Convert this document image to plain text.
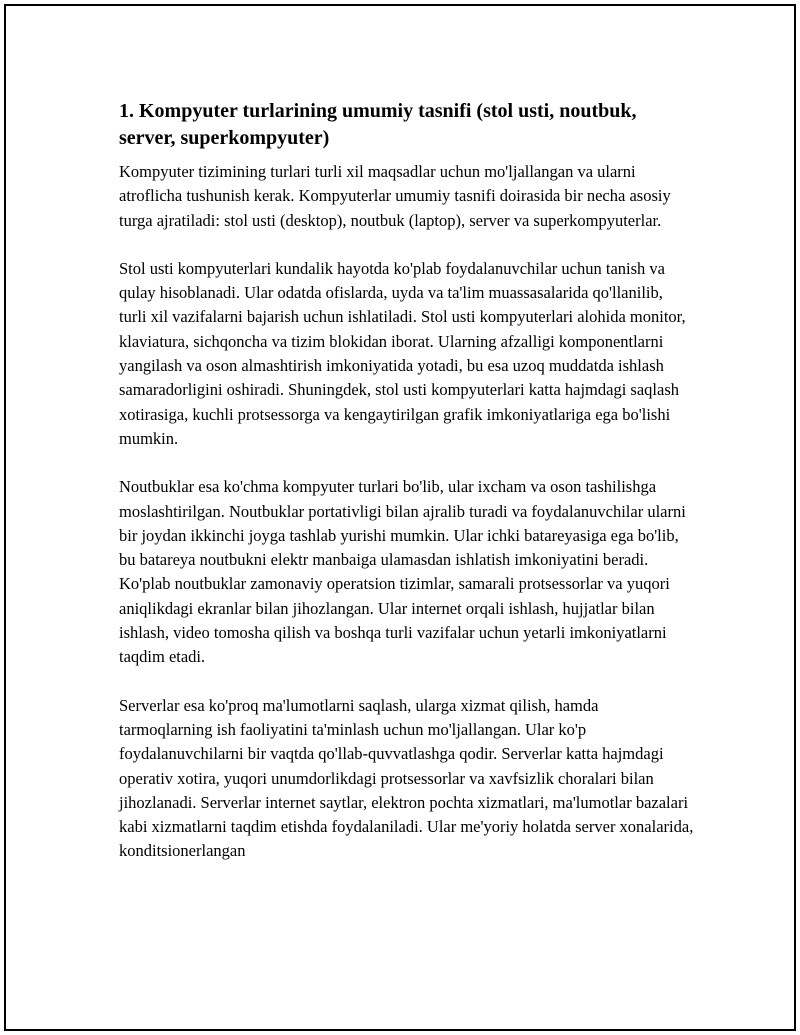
1. Kompyuter turlarining umumiy tasnifi (stol usti, noutbuk, server, superkompyuter)

Kompyuter tizimining turlari turli xil maqsadlar uchun mo'ljallangan va ularni atroflicha tushunish kerak. Kompyuterlar umumiy tasnifi doirasida bir necha asosiy turga ajratiladi: stol usti (desktop), noutbuk (laptop), server va superkompyuterlar.

Stol usti kompyuterlari kundalik hayotda ko'plab foydalanuvchilar uchun tanish va qulay hisoblanadi. Ular odatda ofislarda, uyda va ta'lim muassasalarida qo'llanilib, turli xil vazifalarni bajarish uchun ishlatiladi. Stol usti kompyuterlari alohida monitor, klaviatura, sichqoncha va tizim blokidan iborat. Ularning afzalligi komponentlarni yangilash va oson almashtirish imkoniyatida yotadi, bu esa uzoq muddatda ishlash samaradorligini oshiradi. Shuningdek, stol usti kompyuterlari katta hajmdagi saqlash xotirasiga, kuchli protsessorga va kengaytirilgan grafik imkoniyatlariga ega bo'lishi mumkin.

Noutbuklar esa ko'chma kompyuter turlari bo'lib, ular ixcham va oson tashilishga moslashtirilgan. Noutbuklar portativligi bilan ajralib turadi va foydalanuvchilar ularni bir joydan ikkinchi joyga tashlab yurishi mumkin. Ular ichki batareyasiga ega bo'lib, bu batareya noutbukni elektr manbaiga ulamasdan ishlatish imkoniyatini beradi. Ko'plab noutbuklar zamonaviy operatsion tizimlar, samarali protsessorlar va yuqori aniqlikdagi ekranlar bilan jihozlangan. Ular internet orqali ishlash, hujjatlar bilan ishlash, video tomosha qilish va boshqa turli vazifalar uchun yetarli imkoniyatlarni taqdim etadi.

Serverlar esa ko'proq ma'lumotlarni saqlash, ularga xizmat qilish, hamda tarmoqlarning ish faoliyatini ta'minlash uchun mo'ljallangan. Ular ko'p foydalanuvchilarni bir vaqtda qo'llab-quvvatlashga qodir. Serverlar katta hajmdagi operativ xotira, yuqori unumdorlikdagi protsessorlar va xavfsizlik choralari bilan jihozlanadi. Serverlar internet saytlar, elektron pochta xizmatlari, ma'lumotlar bazalari kabi xizmatlarni taqdim etishda foydalaniladi. Ular me'yoriy holatda server xonalarida, konditsionerlangan
